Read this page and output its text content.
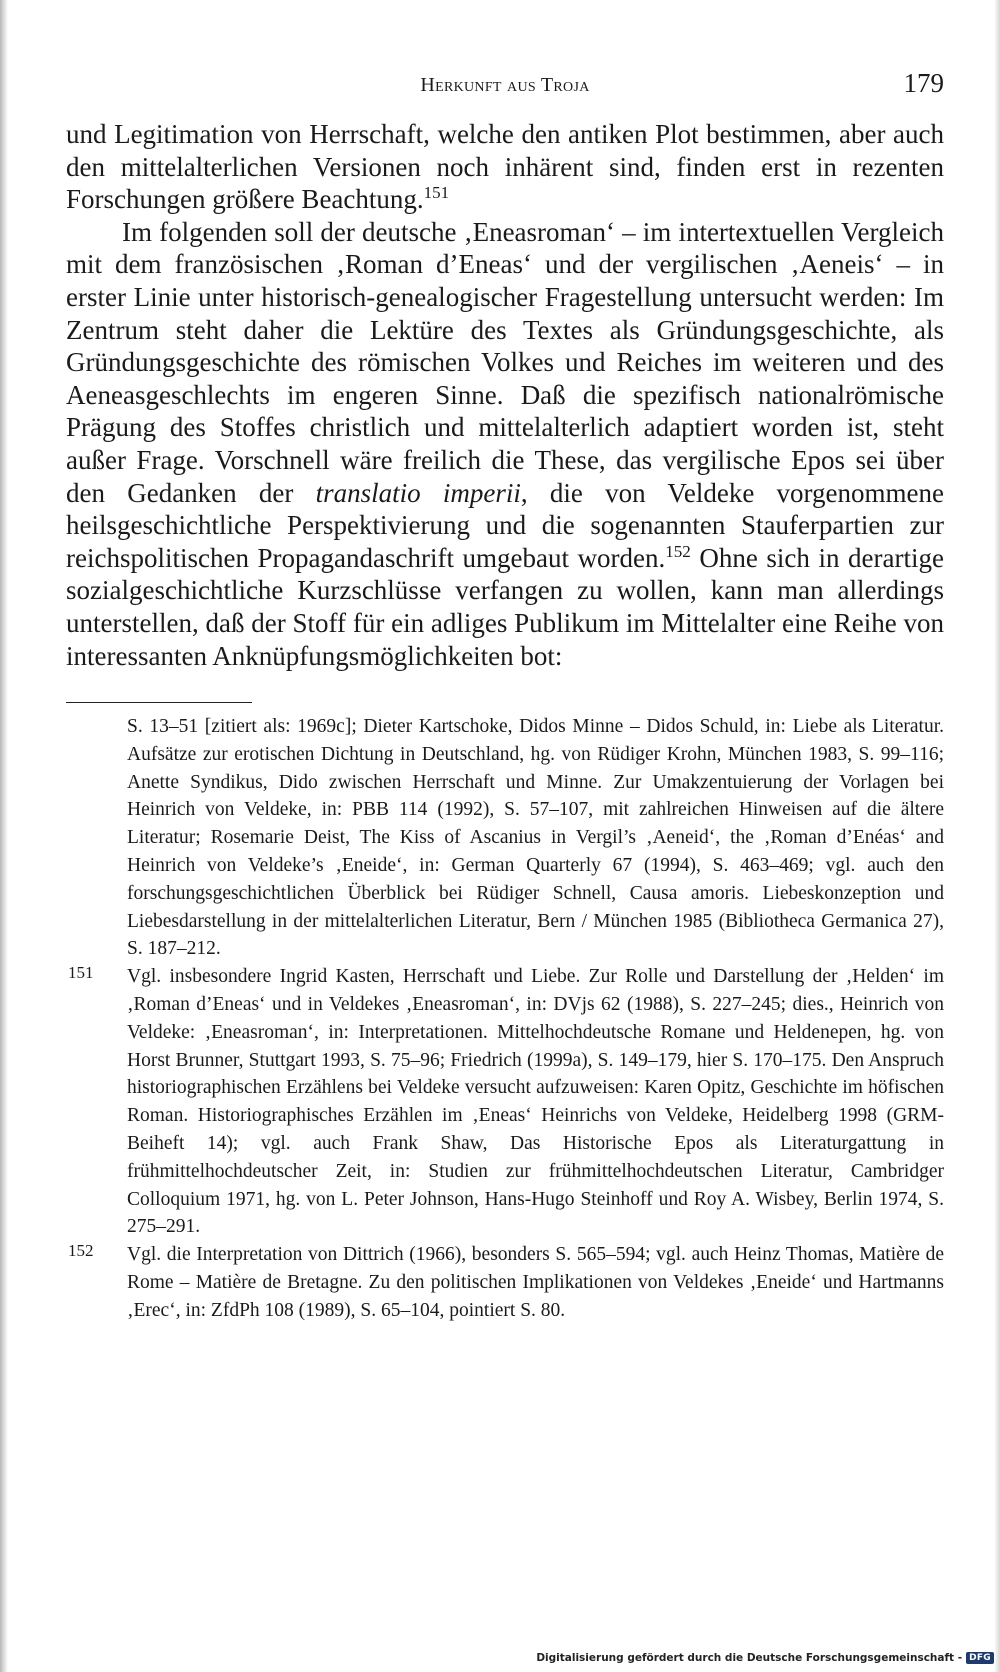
Herkunft aus Troja	179

und Legitimation von Herrschaft, welche den antiken Plot bestimmen, aber auch den mittelalterlichen Versionen noch inhärent sind, finden erst in rezenten Forschungen größere Beachtung.$^{151}$

Im folgenden soll der deutsche ‚Eneasroman‘ – im intertextuellen Vergleich mit dem französischen ‚Roman d’Eneas‘ und der vergilischen ‚Aeneis‘ – in erster Linie unter historisch-genealogischer Fragestellung untersucht werden: Im Zentrum steht daher die Lektüre des Textes als Gründungsgeschichte, als Gründungsgeschichte des römischen Volkes und Reiches im weiteren und des Aeneasgeschlechts im engeren Sinne. Daß die spezifisch nationalrömische Prägung des Stoffes christlich und mittelalterlich adaptiert worden ist, steht außer Frage. Vorschnell wäre freilich die These, das vergilische Epos sei über den Gedanken der translatio imperii, die von Veldeke vorgenommene heilsgeschichtliche Perspektivierung und die sogenannten Stauferpartien zur reichspolitischen Propagandaschrift umgebaut worden.$^{152}$ Ohne sich in derartige sozialgeschichtliche Kurzschlüsse verfangen zu wollen, kann man allerdings unterstellen, daß der Stoff für ein adliges Publikum im Mittelalter eine Reihe von interessanten Anknüpfungsmöglichkeiten bot:

S. 13–51 [zitiert als: 1969c]; Dieter Kartschoke, Didos Minne – Didos Schuld, in: Liebe als Literatur. Aufsätze zur erotischen Dichtung in Deutschland, hg. von Rüdiger Krohn, München 1983, S. 99–116; Anette Syndikus, Dido zwischen Herrschaft und Minne. Zur Umakzentuierung der Vorlagen bei Heinrich von Veldeke, in: PBB 114 (1992), S. 57–107, mit zahlreichen Hinweisen auf die ältere Literatur; Rosemarie Deist, The Kiss of Ascanius in Vergil’s ‚Aeneid‘, the ‚Roman d’Enéas‘ and Heinrich von Veldeke’s ‚Eneide‘, in: German Quarterly 67 (1994), S. 463–469; vgl. auch den forschungsgeschichtlichen Überblick bei Rüdiger Schnell, Causa amoris. Liebeskonzeption und Liebesdarstellung in der mittelalterlichen Literatur, Bern / München 1985 (Bibliotheca Germanica 27), S. 187–212.

151 Vgl. insbesondere Ingrid Kasten, Herrschaft und Liebe. Zur Rolle und Darstellung der ‚Helden‘ im ‚Roman d’Eneas‘ und in Veldekes ‚Eneasroman‘, in: DVjs 62 (1988), S. 227–245; dies., Heinrich von Veldeke: ‚Eneasroman‘, in: Interpretationen. Mittelhochdeutsche Romane und Heldenepen, hg. von Horst Brunner, Stuttgart 1993, S. 75–96; Friedrich (1999a), S. 149–179, hier S. 170–175. Den Anspruch historiographischen Erzählens bei Veldeke versucht aufzuweisen: Karen Opitz, Geschichte im höfischen Roman. Historiographisches Erzählen im ‚Eneas‘ Heinrichs von Veldeke, Heidelberg 1998 (GRM-Beiheft 14); vgl. auch Frank Shaw, Das Historische Epos als Literaturgattung in frühmittelhochdeutscher Zeit, in: Studien zur frühmittelhochdeutschen Literatur, Cambridger Colloquium 1971, hg. von L. Peter Johnson, Hans-Hugo Steinhoff und Roy A. Wisbey, Berlin 1974, S. 275–291.

152 Vgl. die Interpretation von Dittrich (1966), besonders S. 565–594; vgl. auch Heinz Thomas, Matière de Rome – Matière de Bretagne. Zu den politischen Implikationen von Veldekes ‚Eneide‘ und Hartmanns ‚Erec‘, in: ZfdPh 108 (1989), S. 65–104, pointiert S. 80.

Digitalisierung gefördert durch die Deutsche Forschungsgemeinschaft - DFG
